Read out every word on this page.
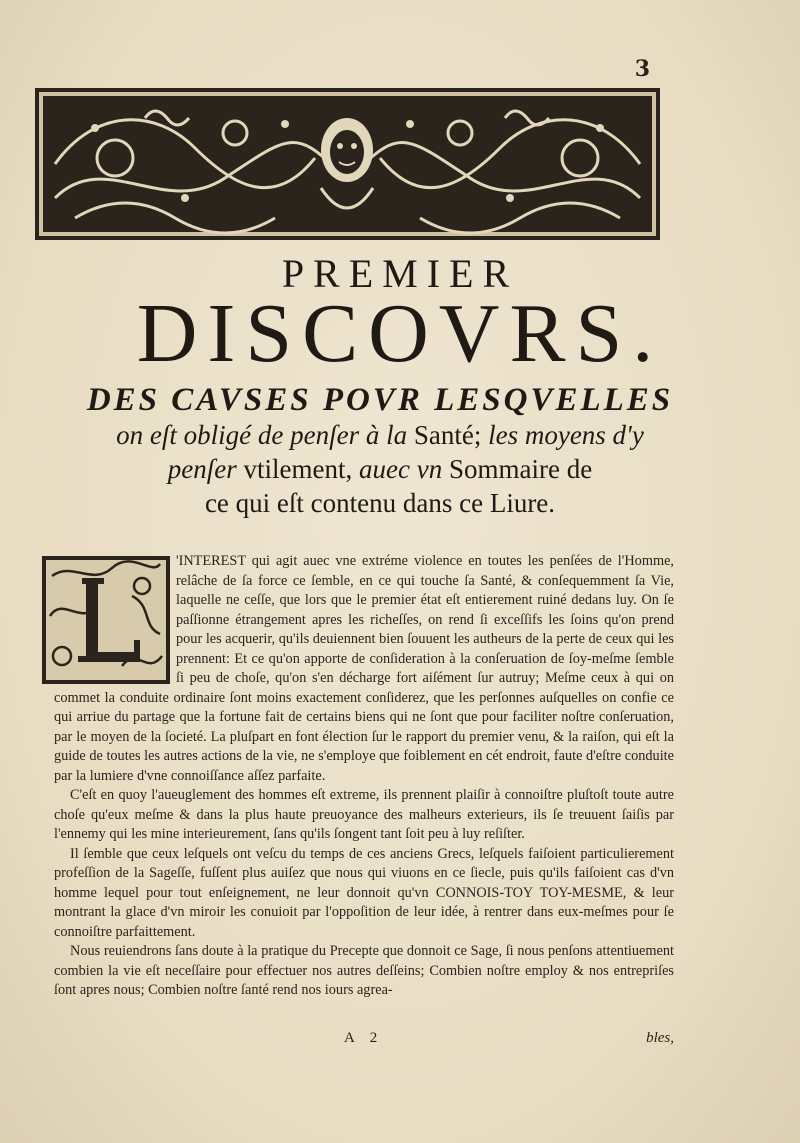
3
PREMIER
DISCOVRS.
DES CAVSES POVR LESQVELLES
on eſt obligé de penſer à la Santé; les moyens d'y
penſer vtilement, auec vn Sommaire de
ce qui eſt contenu dans ce Liure.

'INTEREST qui agit auec vne extréme violence en toutes les penſées de l'Homme, relâche de ſa force ce ſemble, en ce qui touche ſa Santé, & conſequemment ſa Vie, laquelle ne ceſſe, que lors que le premier état eſt entierement ruiné dedans luy. On ſe paſſionne étrangement apres les richeſſes, on rend ſi exceſſifs les ſoins qu'on prend pour les acquerir, qu'ils deuiennent bien ſouuent les autheurs de la perte de ceux qui les prennent: Et ce qu'on apporte de conſideration à la conſeruation de ſoy-meſme ſemble ſi peu de choſe, qu'on s'en décharge fort aiſément ſur autruy; Meſme ceux à qui on commet la conduite ordinaire ſont moins exactement conſiderez, que les perſonnes auſquelles on confie ce qui arriue du partage que la fortune fait de certains biens qui ne ſont que pour faciliter noſtre conſeruation, par le moyen de la ſocieté. La pluſpart en font élection ſur le rapport du premier venu, & la raiſon, qui eſt la guide de toutes les autres actions de la vie, ne s'employe que foiblement en cét endroit, faute d'eſtre conduite par la lumiere d'vne connoiſſance aſſez parfaite.

C'eſt en quoy l'aueuglement des hommes eſt extreme, ils prennent plaiſir à connoiſtre pluſtoſt toute autre choſe qu'eux meſme & dans la plus haute preuoyance des malheurs exterieurs, ils ſe treuuent ſaiſis par l'ennemy qui les mine interieurement, ſans qu'ils ſongent tant ſoit peu à luy reſiſter.

Il ſemble que ceux leſquels ont veſcu du temps de ces anciens Grecs, leſquels faiſoient particulierement profeſſion de la Sageſſe, fuſſent plus auiſez que nous qui viuons en ce ſiecle, puis qu'ils faiſoient cas d'vn homme lequel pour tout enſeignement, ne leur donnoit qu'vn CONNOIS-TOY TOY-MESME, & leur montrant la glace d'vn miroir les conuioit par l'oppoſition de leur idée, à rentrer dans eux-meſmes pour ſe connoiſtre parfaittement.

Nous reuiendrons ſans doute à la pratique du Precepte que donnoit ce Sage, ſi nous penſons attentiuement combien la vie eſt neceſſaire pour effectuer nos autres deſſeins; Combien noſtre employ & nos entrepriſes ſont apres nous; Combien noſtre ſanté rend nos iours agrea-

A 2	bles,
